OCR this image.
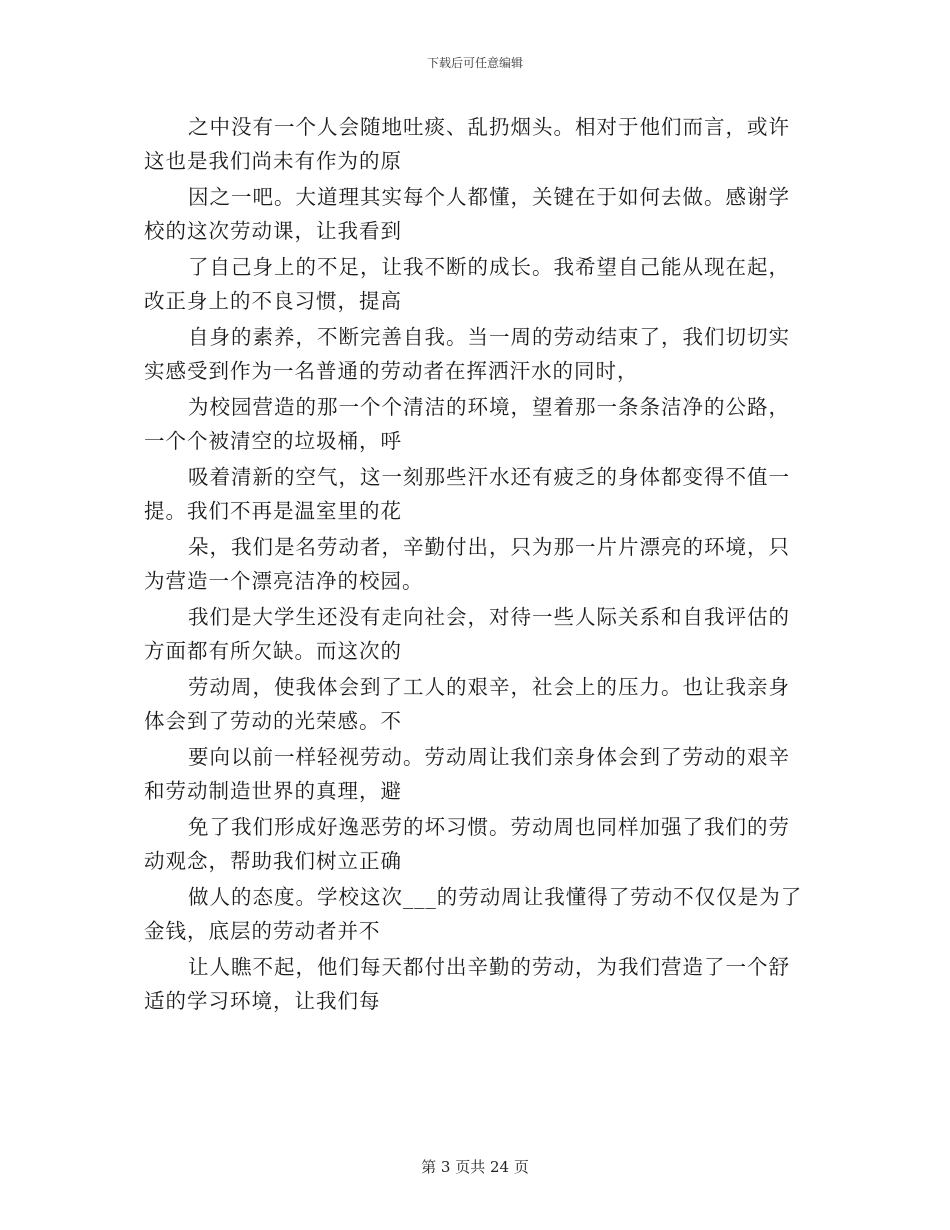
下载后可任意编辑

之中没有一个人会随地吐痰、乱扔烟头。相对于他们而言，或许
这也是我们尚未有作为的原

因之一吧。大道理其实每个人都懂，关键在于如何去做。感谢学
校的这次劳动课，让我看到

了自己身上的不足，让我不断的成长。我希望自己能从现在起，
改正身上的不良习惯，提高

自身的素养，不断完善自我。当一周的劳动结束了，我们切切实
实感受到作为一名普通的劳动者在挥洒汗水的同时，

为校园营造的那一个个清洁的环境，望着那一条条洁净的公路，
一个个被清空的垃圾桶，呼

吸着清新的空气，这一刻那些汗水还有疲乏的身体都变得不值一
提。我们不再是温室里的花

朵，我们是名劳动者，辛勤付出，只为那一片片漂亮的环境，只
为营造一个漂亮洁净的校园。

我们是大学生还没有走向社会，对待一些人际关系和自我评估的
方面都有所欠缺。而这次的

劳动周，使我体会到了工人的艰辛，社会上的压力。也让我亲身
体会到了劳动的光荣感。不

要向以前一样轻视劳动。劳动周让我们亲身体会到了劳动的艰辛
和劳动制造世界的真理，避

免了我们形成好逸恶劳的坏习惯。劳动周也同样加强了我们的劳
动观念，帮助我们树立正确

做人的态度。学校这次___的劳动周让我懂得了劳动不仅仅是为了
金钱，底层的劳动者并不

让人瞧不起，他们每天都付出辛勤的劳动，为我们营造了一个舒
适的学习环境，让我们每

第 3 页共 24 页
